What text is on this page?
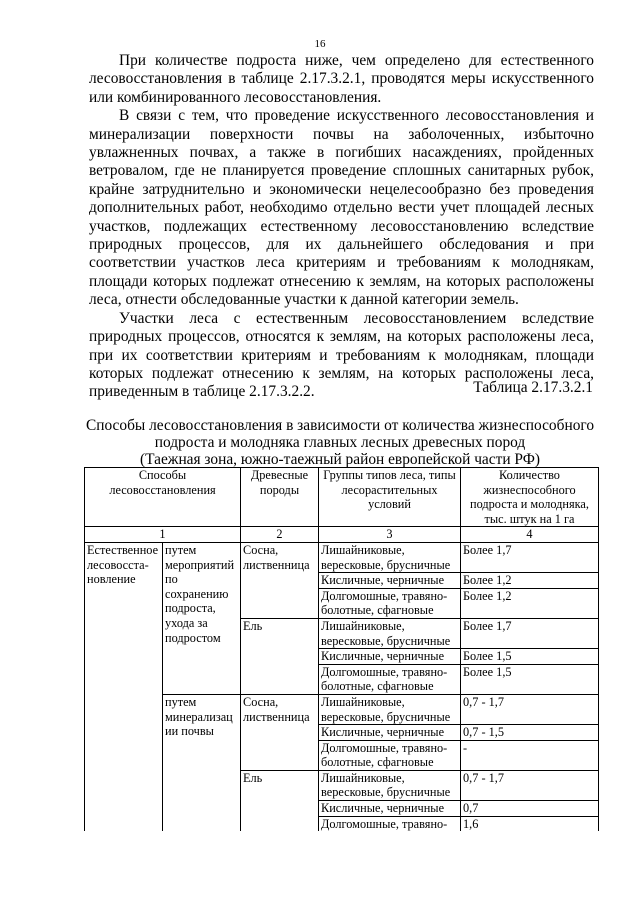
16

При количестве подроста ниже, чем определено для естественного лесовосстановления в таблице 2.17.3.2.1, проводятся меры искусственного или комбинированного лесовосстановления.

В связи с тем, что проведение искусственного лесовосстановления и минерализации поверхности почвы на заболоченных, избыточно увлажненных почвах, а также в погибших насаждениях, пройденных ветровалом, где не планируется проведение сплошных санитарных рубок, крайне затруднительно и экономически нецелесообразно без проведения дополнительных работ, необходимо отдельно вести учет площадей лесных участков, подлежащих естественному лесовосстановлению вследствие природных процессов, для их дальнейшего обследования и при соответствии участков леса критериям и требованиям к молоднякам, площади которых подлежат отнесению к землям, на которых расположены леса, отнести обследованные участки к данной категории земель.

Участки леса с естественным лесовосстановлением вследствие природных процессов, относятся к землям, на которых расположены леса, при их соответствии критериям и требованиям к молоднякам, площади которых подлежат отнесению к землям, на которых расположены леса, приведенным в таблице 2.17.3.2.2.	Таблица 2.17.3.2.1
Способы лесовосстановления в зависимости от количества жизнеспособного
подроста и молодняка главных лесных древесных пород
(Таежная зона, южно-таежный район европейской части РФ)
Способы лесовосстановления		Древесные породы	Группы типов леса, типы лесорастительных условий	Количество жизнеспособного подроста и молодняка, тыс. штук на 1 га
1		2	3	4
Естественное лесовосста-новление	путем мероприятий по сохранению подроста, ухода за подростом	Сосна, лиственница	Лишайниковые, вересковые, брусничные	Более 1,7
			Кисличные, черничные	Более 1,2
			Долгомошные, травяно-болотные, сфагновые	Более 1,2
		Ель	Лишайниковые, вересковые, брусничные	Более 1,7
			Кисличные, черничные	Более 1,5
			Долгомошные, травяно-болотные, сфагновые	Более 1,5
	путем минерализац ии почвы	Сосна, лиственница	Лишайниковые, вересковые, брусничные	0,7 - 1,7
			Кисличные, черничные	0,7 - 1,5
			Долгомошные, травяно-болотные, сфагновые	-
		Ель	Лишайниковые, вересковые, брусничные	0,7 - 1,7
			Кисличные, черничные	0,7
			Долгомошные, травяно-	1,6
